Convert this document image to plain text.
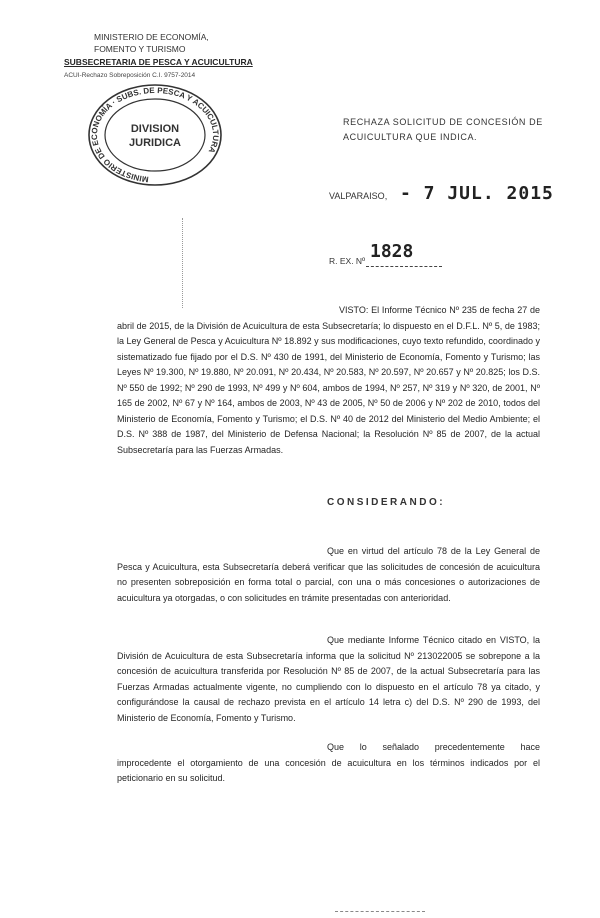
MINISTERIO DE ECONOMÍA,
FOMENTO Y TURISMO
SUBSECRETARIA DE PESCA Y ACUICULTURA
ACUI-Rechazo Sobreposición C.I. 9757-2014
MINISTERIO DE ECONOMÍA · SUBS. DE PESCA Y ACUICULTURA
DIVISION
JURIDICA
RECHAZA SOLICITUD DE CONCESIÓN DE ACUICULTURA QUE INDICA.
VALPARAISO, - 7 JUL. 2015
R. EX. Nº 1828
VISTO: El Informe Técnico Nº 235 de fecha 27 de abril de 2015, de la División de Acuicultura de esta Subsecretaría; lo dispuesto en el D.F.L. Nº 5, de 1983; la Ley General de Pesca y Acuicultura Nº 18.892 y sus modificaciones, cuyo texto refundido, coordinado y sistematizado fue fijado por el D.S. Nº 430 de 1991, del Ministerio de Economía, Fomento y Turismo; las Leyes Nº 19.300, Nº 19.880, Nº 20.091, Nº 20.434, Nº 20.583, Nº 20.597, Nº 20.657 y Nº 20.825; los D.S. Nº 550 de 1992; Nº 290 de 1993, Nº 499 y Nº 604, ambos de 1994, Nº 257, Nº 319 y Nº 320, de 2001, Nº 165 de 2002, Nº 67 y Nº 164, ambos de 2003, Nº 43 de 2005, Nº 50 de 2006 y Nº 202 de 2010, todos del Ministerio de Economía, Fomento y Turismo; el D.S. Nº 40 de 2012 del Ministerio del Medio Ambiente; el D.S. Nº 388 de 1987, del Ministerio de Defensa Nacional; la Resolución Nº 85 de 2007, de la actual Subsecretaría para las Fuerzas Armadas.
CONSIDERANDO:
Que en virtud del artículo 78 de la Ley General de Pesca y Acuicultura, esta Subsecretaría deberá verificar que las solicitudes de concesión de acuicultura no presenten sobreposición en forma total o parcial, con una o más concesiones o autorizaciones de acuicultura ya otorgadas, o con solicitudes en trámite presentadas con anterioridad.
Que mediante Informe Técnico citado en VISTO, la División de Acuicultura de esta Subsecretaría informa que la solicitud Nº 213022005 se sobrepone a la concesión de acuicultura transferida por Resolución Nº 85 de 2007, de la actual Subsecretaría para las Fuerzas Armadas actualmente vigente, no cumpliendo con lo dispuesto en el artículo 78 ya citado, y configurándose la causal de rechazo prevista en el artículo 14 letra c) del D.S. Nº 290 de 1993, del Ministerio de Economía, Fomento y Turismo.
Que lo señalado precedentemente hace improcedente el otorgamiento de una concesión de acuicultura en los términos indicados por el peticionario en su solicitud.
